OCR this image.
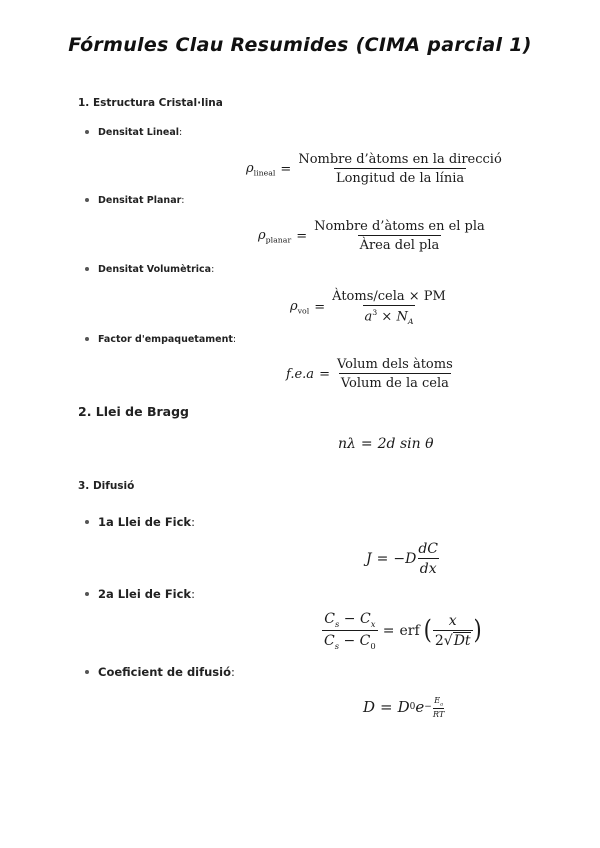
Fórmules Clau Resumides (CIMA parcial 1)
1. Estructura Cristal·lina
Densitat Lineal:
$\rho_{lineal} = \frac{\text{Nombre d’àtoms en la direcció}}{\text{Longitud de la línia}}$
Densitat Planar:
$\rho_{planar} = \frac{\text{Nombre d’àtoms en el pla}}{\text{Àrea del pla}}$
Densitat Volumètrica:
$\rho_{vol} = \frac{\text{Àtoms/cela × PM}}{a^3 \times N_A}$
Factor d'empaquetament:
$f.e.a = \frac{\text{Volum dels àtoms}}{\text{Volum de la cela}}$
2. Llei de Bragg
nλ = 2d sin θ
3. Difusió
1a Llei de Fick:
$J = -D \frac{dC}{dx}$
2a Llei de Fick:
$\frac{C_s - C_x}{C_s - C_0}$ = erf ( $\frac{x}{2√Dt}$ )
Coeficient de difusió:
D = D 0 $e - \frac{E_a}{RT}$
